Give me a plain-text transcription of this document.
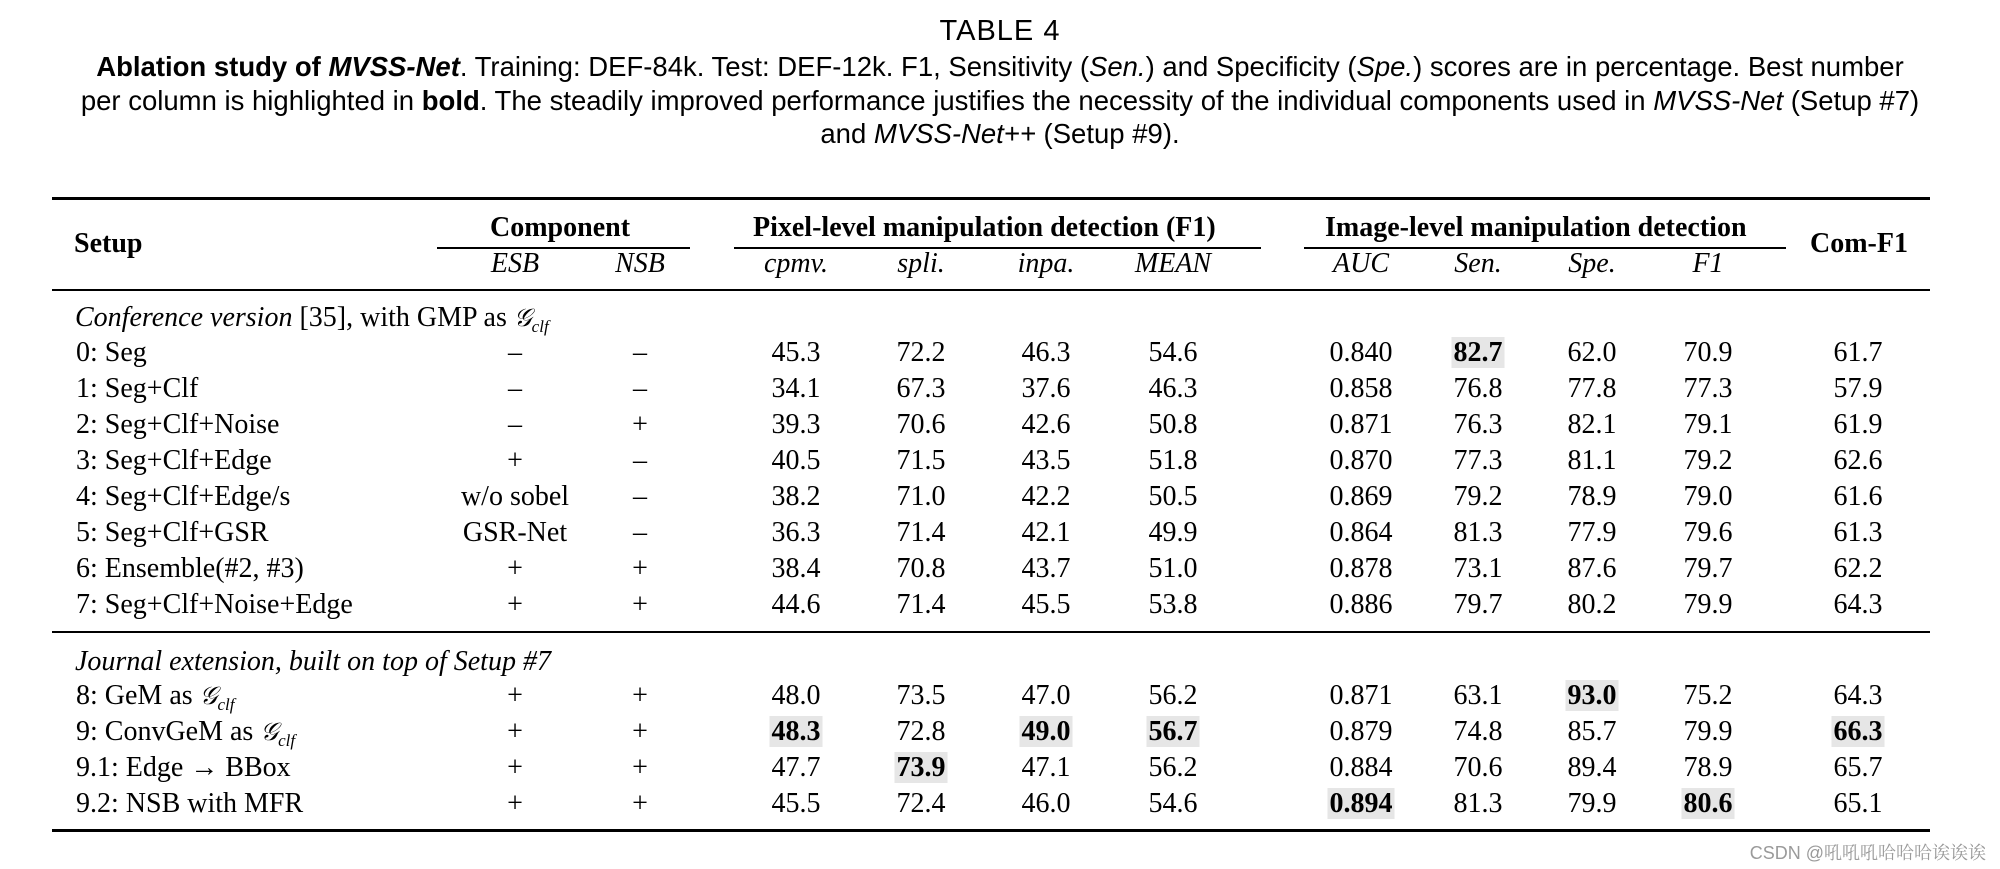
TABLE 4
Ablation study of MVSS-Net. Training: DEF-84k. Test: DEF-12k. F1, Sensitivity (Sen.) and Specificity (Spe.) scores are in percentage. Best number per column is highlighted in bold. The steadily improved performance justifies the necessity of the individual components used in MVSS-Net (Setup #7) and MVSS-Net++ (Setup #9).
Setup
Component	Pixel-level manipulation detection (F1)	Image-level manipulation detection
Com-F1
ESB	NSB	cpmv. spli.	inpa. MEAN	AUC Sen. Spe.	F1
Conference version [35], with GMP as 𝒢$_{clf}$
0: Seg	–	–	45.3	72.2	46.3	54.6	0.840 82.7 62.0 70.9	61.7
1: Seg+Clf	–	–	34.1	67.3	37.6	46.3	0.858 76.8 77.8 77.3	57.9
2: Seg+Clf+Noise	–	+	39.3	70.6	42.6	50.8	0.871 76.3 82.1 79.1	61.9
3: Seg+Clf+Edge	+	–	40.5	71.5	43.5	51.8	0.870 77.3 81.1 79.2	62.6
4: Seg+Clf+Edge/s	w/o sobel –	38.2	71.0	42.2	50.5	0.869 79.2 78.9 79.0	61.6
5: Seg+Clf+GSR	GSR-Net –	36.3	71.4	42.1	49.9	0.864 81.3 77.9 79.6	61.3
6: Ensemble(#2, #3)	+	+	38.4	70.8	43.7	51.0	0.878 73.1 87.6 79.7	62.2
7: Seg+Clf+Noise+Edge	+	+	44.6	71.4	45.5	53.8	0.886 79.7 80.2 79.9	64.3
Journal extension, built on top of Setup #7
8: GeM as 𝒢$_{clf}$	+	+	48.0	73.5	47.0	56.2	0.871 63.1 93.0 75.2	64.3
9: ConvGeM as 𝒢$_{clf}$	+	+	48.3	72.8	49.0	56.7	0.879 74.8 85.7 79.9	66.3
9.1: Edge → BBox	+	+	47.7	73.9	47.1	56.2	0.884 70.6 89.4 78.9	65.7
9.2: NSB with MFR	+	+	45.5	72.4	46.0	54.6	0.894 81.3 79.9 80.6	65.1
CSDN @吼吼吼哈哈哈诶诶诶
